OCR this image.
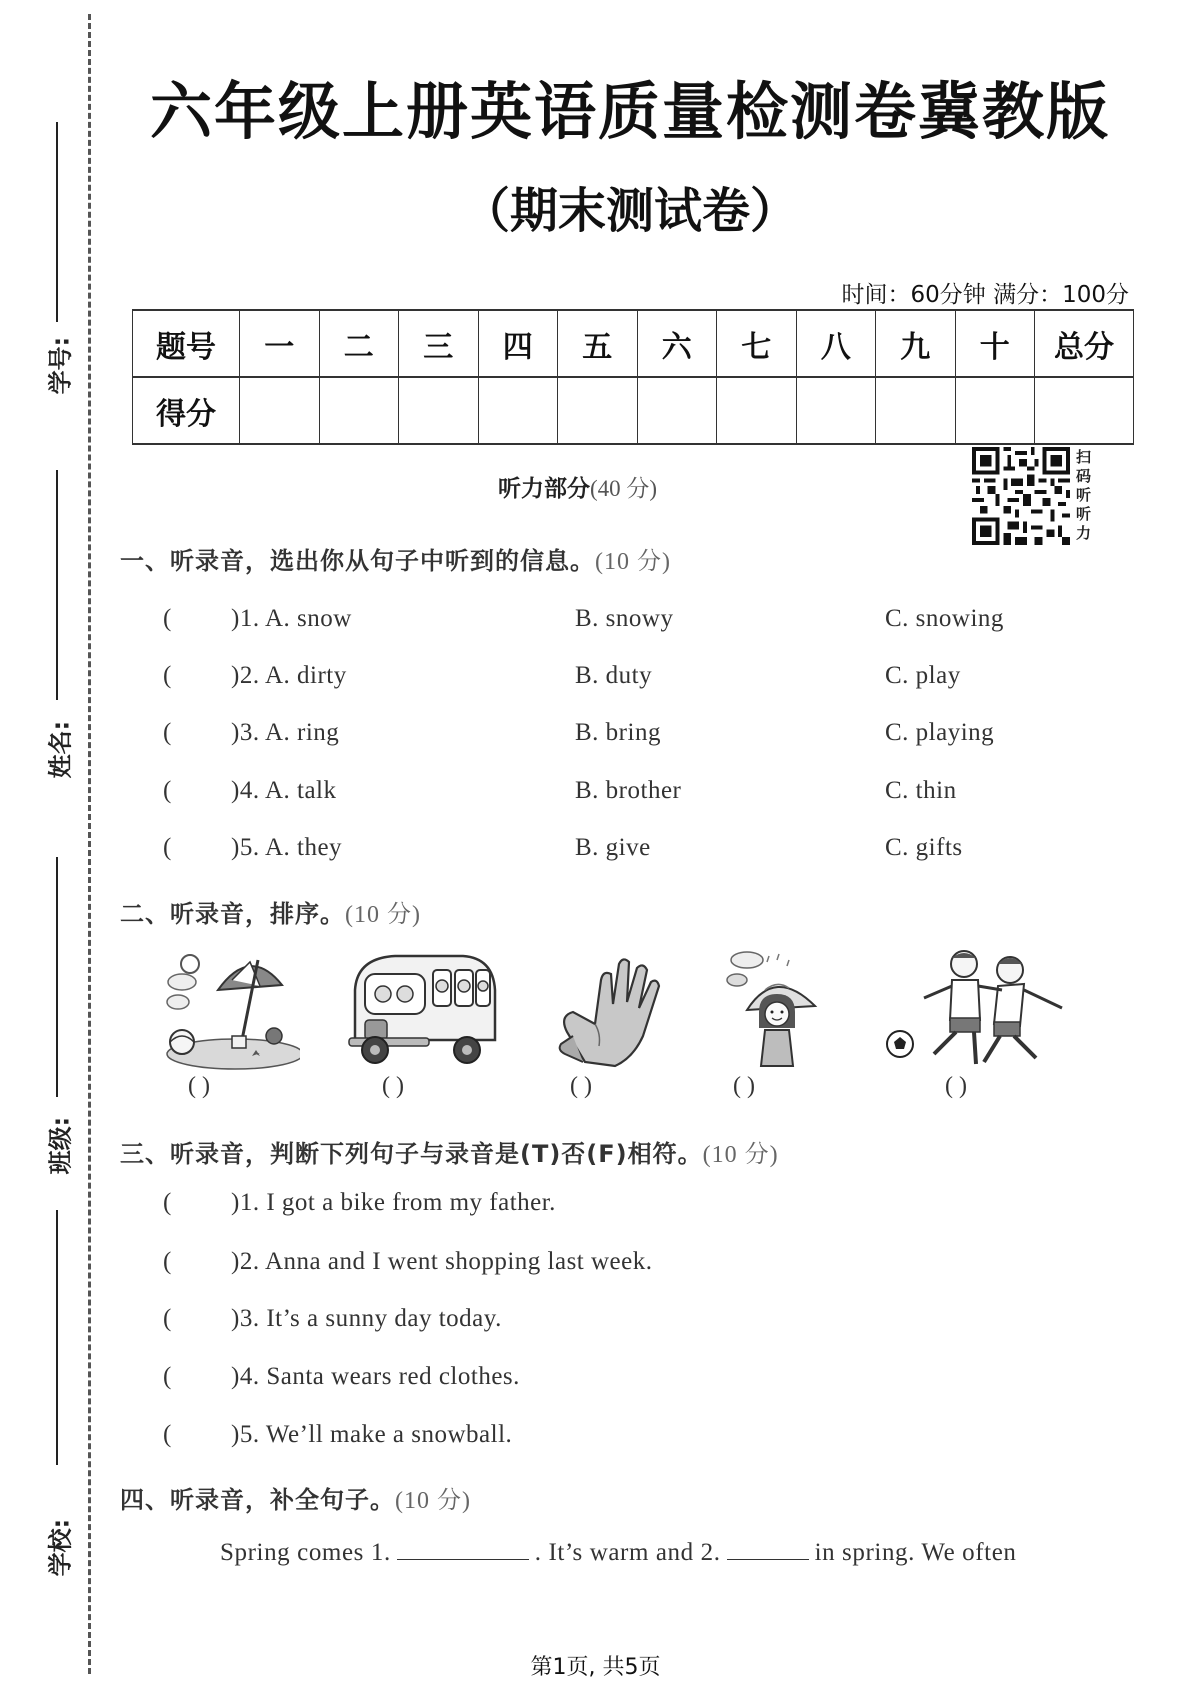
学号:
姓名:
班级:
学校:
六年级上册英语质量检测卷冀教版
（期末测试卷）
时间：60分钟 满分：100分
题号	一	二	三	四	五	六	七	八	九	十	总分
得分											
听力部分(40 分)
扫码听听力
一、听录音，选出你从句子中听到的信息。(10 分)
( )1. A. snow	B. snowy	C. snowing
( )2. A. dirty	B. duty	C. play
( )3. A. ring	B. bring	C. playing
( )4. A. talk	B. brother	C. thin
( )5. A. they	B. give	C. gifts
二、听录音，排序。(10 分)
( )	( )	( )	( )	( )
三、听录音，判断下列句子与录音是(T)否(F)相符。(10 分)
( )1. I got a bike from my father.
( )2. Anna and I went shopping last week.
( )3. It’s a sunny day today.
( )4. Santa wears red clothes.
( )5. We’ll make a snowball.
四、听录音，补全句子。(10 分)
Spring comes 1.	. It’s warm and 2.	in spring. We often
第1页, 共5页
